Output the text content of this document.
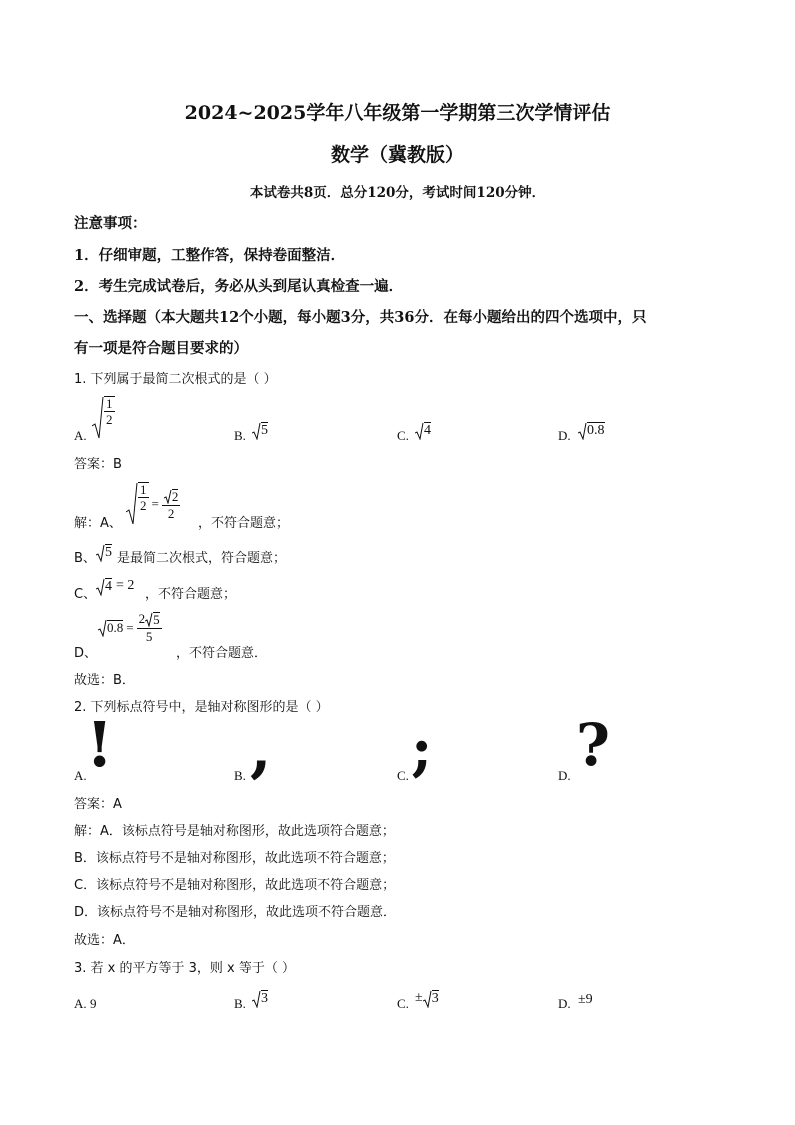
2024~2025学年八年级第一学期第三次学情评估
数学（冀教版）
本试卷共8页．总分120分，考试时间120分钟．
注意事项：
1．仔细审题，工整作答，保持卷面整洁．
2．考生完成试卷后，务必从头到尾认真检查一遍．
一、选择题（本大题共12个小题，每小题3分，共36分．在每小题给出的四个选项中，只
有一项是符合题目要求的）
1. 下列属于最简二次根式的是（ ）
A.
$\frac{1}{2}$
B. 5	C. 4	D. 0.8
答案：B
解：A、
$\frac{1}{2} = \frac{2}{2}$
，不符合题意；
B、 5 是最简二次根式，符合题意；
C、
4 = 2
，不符合题意；
D、
$0.8 = \frac{2 5}{5}$
，不符合题意．
故选：B．
2. 下列标点符号中，是轴对称图形的是（ ）
A. !	B. ,	C. ;	D. ?
答案：A
解：A．该标点符号是轴对称图形，故此选项符合题意；
B．该标点符号不是轴对称图形，故此选项不符合题意；
C．该标点符号不是轴对称图形，故此选项不符合题意；
D．该标点符号不是轴对称图形，故此选项不符合题意．
故选：A．
3. 若 x 的平方等于 3，则 x 等于（ ）
A. 9	B. 3	C. ± 3	D. ±9
